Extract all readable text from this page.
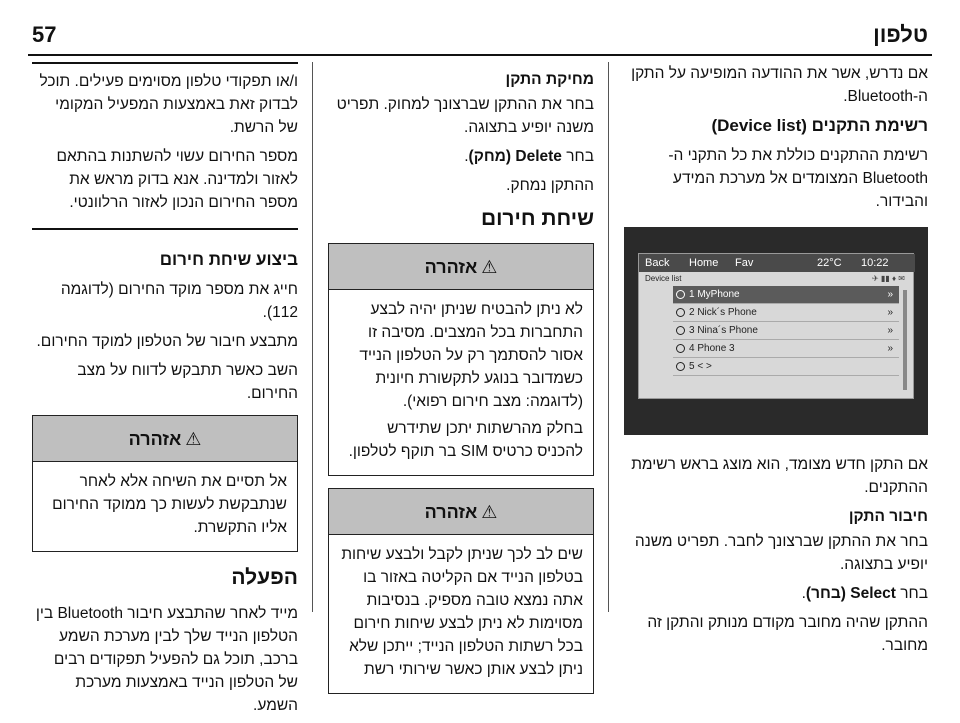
57	טלפון

אם נדרש, אשר את ההודעה המופיעה על התקן ה-Bluetooth.

רשימת התקנים (Device list)

רשימת ההתקנים כוללת את כל התקני ה-Bluetooth המצומדים אל מערכת המידע והבידור.

Back Home Fav	22°C 10:22
Device list	✈ ▮▮ ♦ ✉
1 MyPhone	»
2 Nick´s Phone	»
3 Nina´s Phone	»
4 Phone 3	»
5 < >

אם התקן חדש מצומד, הוא מוצג בראש רשימת ההתקנים.

חיבור התקן

בחר את ההתקן שברצונך לחבר. תפריט משנה יופיע בתצוגה.

בחר Select (בחר).

ההתקן שהיה מחובר מקודם מנותק והתקן זה מחובר.

מחיקת התקן

בחר את ההתקן שברצונך למחוק. תפריט משנה יופיע בתצוגה.

בחר Delete (מחק).

ההתקן נמחק.

שיחת חירום
⚠אזהרה

לא ניתן להבטיח שניתן יהיה לבצע התחברות בכל המצבים. מסיבה זו אסור להסתמך רק על הטלפון הנייד כשמדובר בנוגע לתקשורת חיונית (לדוגמה: מצב חירום רפואי).

בחלק מהרשתות יתכן שתידרש להכניס כרטיס SIM בר תוקף לטלפון.

⚠אזהרה

שים לב לכך שניתן לקבל ולבצע שיחות בטלפון הנייד אם הקליטה באזור בו אתה נמצא טובה מספיק. בנסיבות מסוימות לא ניתן לבצע שיחות חירום בכל רשתות הטלפון הנייד; ייתכן שלא ניתן לבצע אותן כאשר שירותי רשת

ו/או תפקודי טלפון מסוימים פעילים. תוכל לבדוק זאת באמצעות המפעיל המקומי של הרשת.

מספר החירום עשוי להשתנות בהתאם לאזור ולמדינה. אנא בדוק מראש את מספר החירום הנכון לאזור הרלוונטי.

ביצוע שיחת חירום

חייג את מספר מוקד החירום (לדוגמה 112).

מתבצע חיבור של הטלפון למוקד החירום.

השב כאשר תתבקש לדווח על מצב החירום.

⚠אזהרה

אל תסיים את השיחה אלא לאחר שנתבקשת לעשות כך ממוקד החירום אליו התקשרת.

הפעלה

מייד לאחר שהתבצע חיבור Bluetooth בין הטלפון הנייד שלך לבין מערכת השמע ברכב, תוכל גם להפעיל תפקודים רבים של הטלפון הנייד באמצעות מערכת השמע.
